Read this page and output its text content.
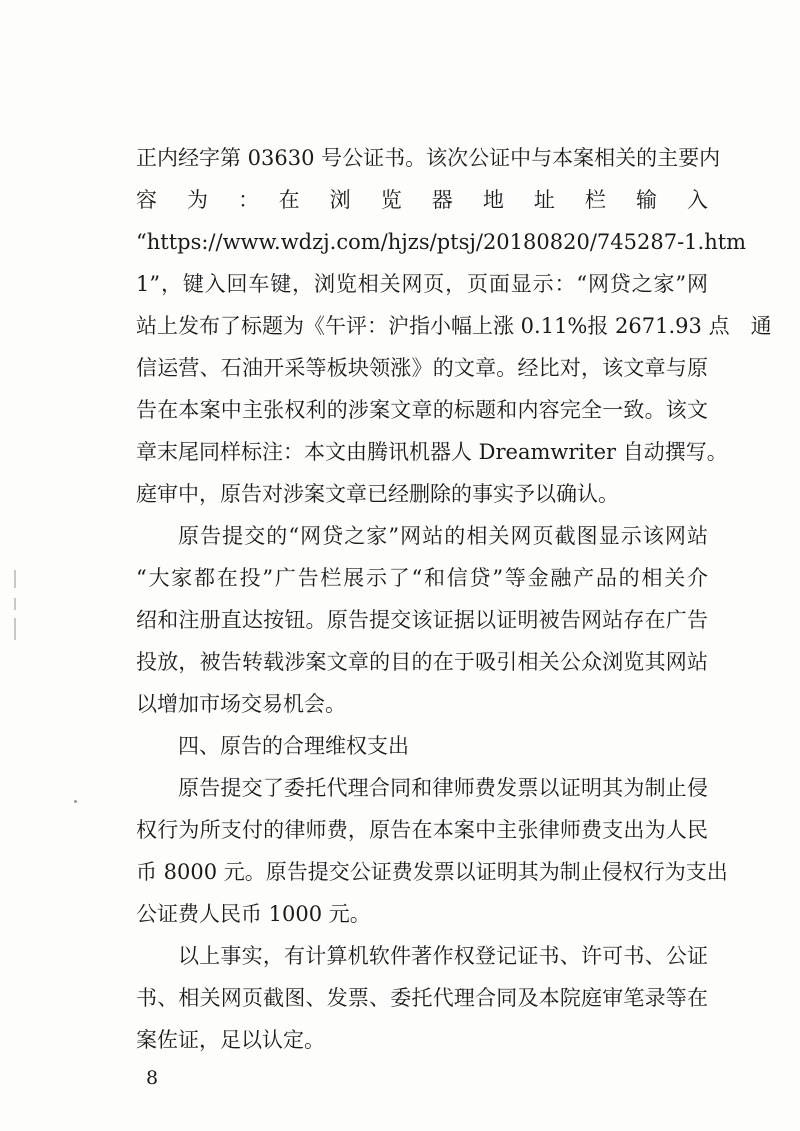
正内经字第 03630 号公证书。该次公证中与本案相关的主要内
容　为　：　在　浏　览　器　地　址　栏　输　入
“https://www.wdzj.com/hjzs/ptsj/20180820/745287-1.htm
1”，键入回车键，浏览相关网页，页面显示：“网贷之家”网
站上发布了标题为《午评：沪指小幅上涨 0.11%报 2671.93 点　通
信运营、石油开采等板块领涨》的文章。经比对，该文章与原
告在本案中主张权利的涉案文章的标题和内容完全一致。该文
章末尾同样标注：本文由腾讯机器人 Dreamwriter 自动撰写。
庭审中，原告对涉案文章已经删除的事实予以确认。
原告提交的“网贷之家”网站的相关网页截图显示该网站
“大家都在投”广告栏展示了“和信贷”等金融产品的相关介
绍和注册直达按钮。原告提交该证据以证明被告网站存在广告
投放，被告转载涉案文章的目的在于吸引相关公众浏览其网站
以增加市场交易机会。
四、原告的合理维权支出
原告提交了委托代理合同和律师费发票以证明其为制止侵
权行为所支付的律师费，原告在本案中主张律师费支出为人民
币 8000 元。原告提交公证费发票以证明其为制止侵权行为支出
公证费人民币 1000 元。
以上事实，有计算机软件著作权登记证书、许可书、公证
书、相关网页截图、发票、委托代理合同及本院庭审笔录等在
案佐证，足以认定。
8
